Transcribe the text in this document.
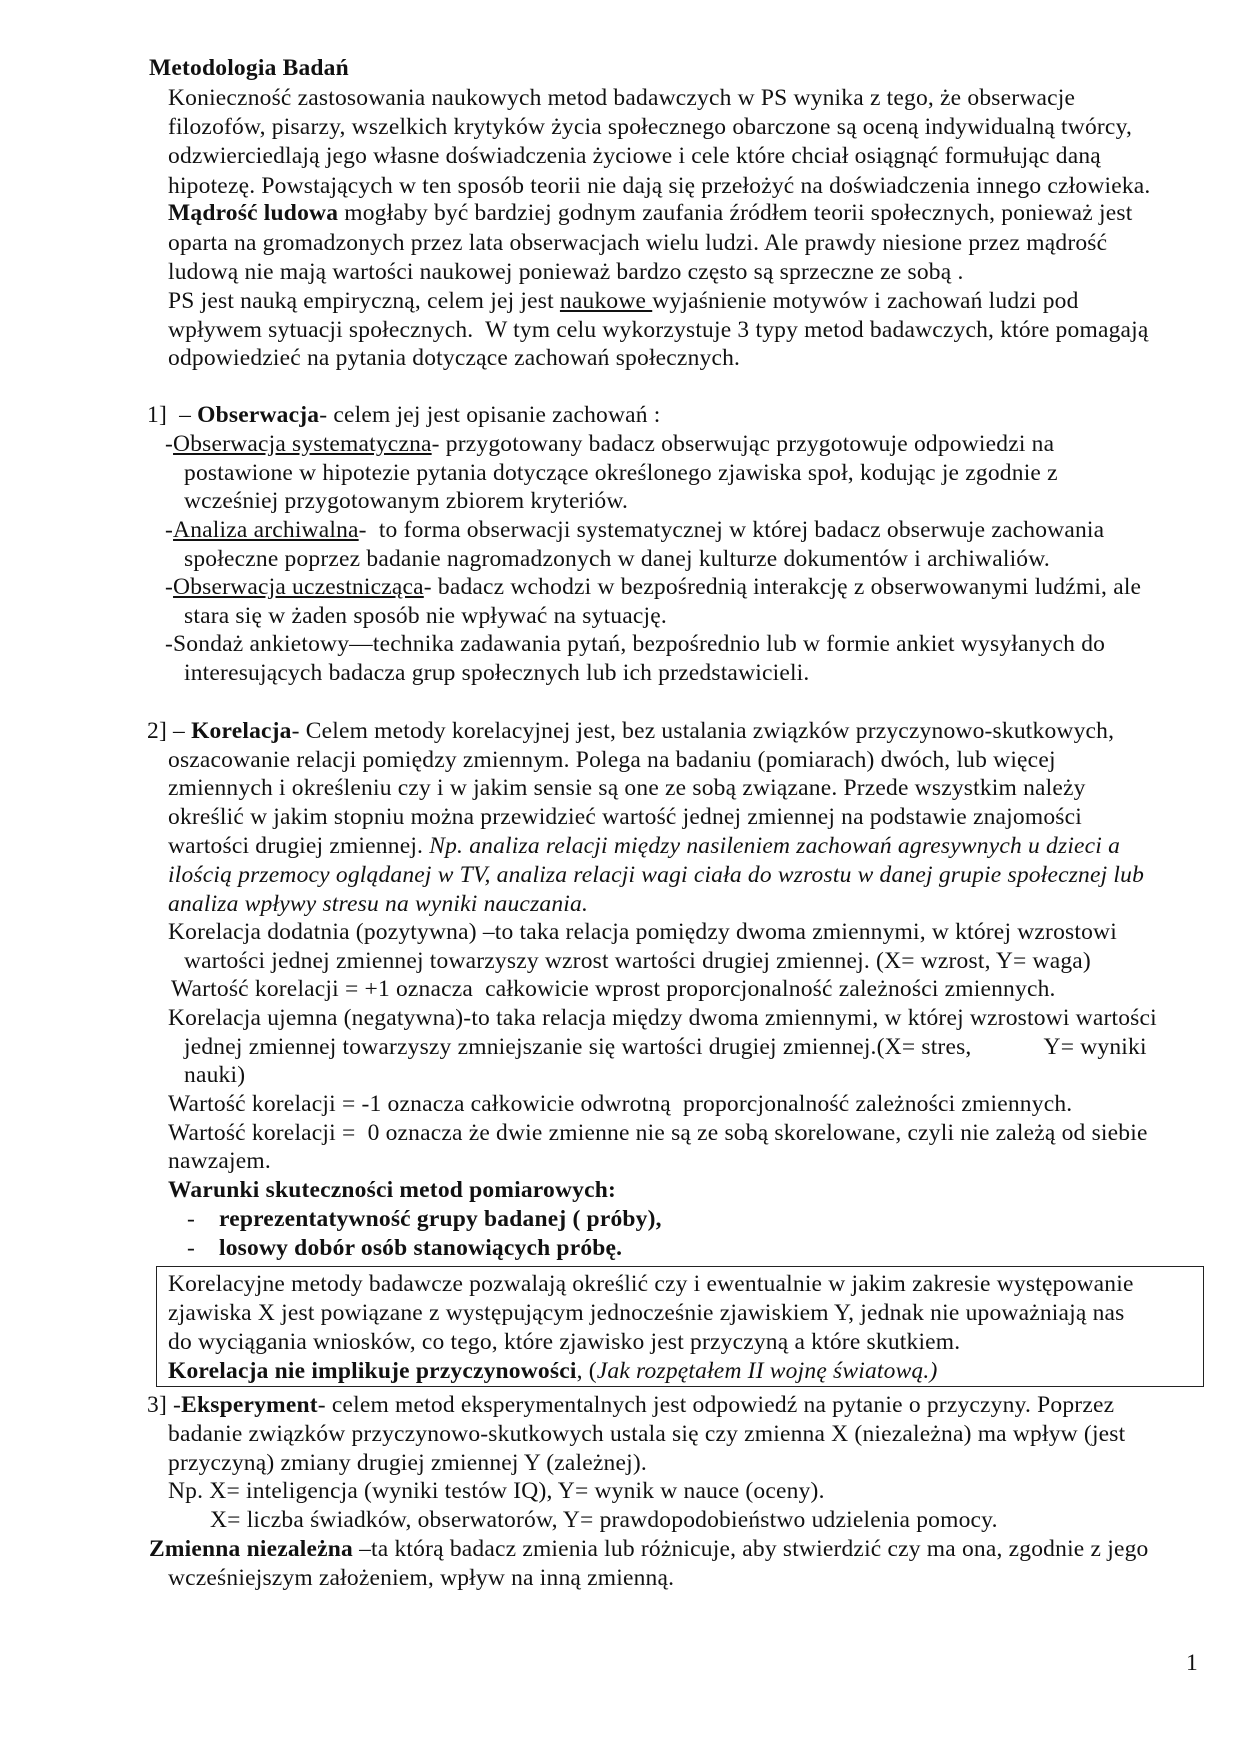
Metodologia Badań
Konieczność zastosowania naukowych metod badawczych w PS wynika z tego, że obserwacje
filozofów, pisarzy, wszelkich krytyków życia społecznego obarczone są oceną indywidualną twórcy,
odzwierciedlają jego własne doświadczenia życiowe i cele które chciał osiągnąć formułując daną
hipotezę. Powstających w ten sposób teorii nie dają się przełożyć na doświadczenia innego człowieka.
Mądrość ludowa mogłaby być bardziej godnym zaufania źródłem teorii społecznych, ponieważ jest
oparta na gromadzonych przez lata obserwacjach wielu ludzi. Ale prawdy niesione przez mądrość
ludową nie mają wartości naukowej ponieważ bardzo często są sprzeczne ze sobą .
PS jest nauką empiryczną, celem jej jest naukowe wyjaśnienie motywów i zachowań ludzi pod
wpływem sytuacji społecznych.  W tym celu wykorzystuje 3 typy metod badawczych, które pomagają
odpowiedzieć na pytania dotyczące zachowań społecznych.
1]  – Obserwacja- celem jej jest opisanie zachowań :
-Obserwacja systematyczna- przygotowany badacz obserwując przygotowuje odpowiedzi na
postawione w hipotezie pytania dotyczące określonego zjawiska społ, kodując je zgodnie z
wcześniej przygotowanym zbiorem kryteriów.
-Analiza archiwalna-  to forma obserwacji systematycznej w której badacz obserwuje zachowania
społeczne poprzez badanie nagromadzonych w danej kulturze dokumentów i archiwaliów.
-Obserwacja uczestnicząca- badacz wchodzi w bezpośrednią interakcję z obserwowanymi ludźmi, ale
stara się w żaden sposób nie wpływać na sytuację.
-Sondaż ankietowy—technika zadawania pytań, bezpośrednio lub w formie ankiet wysyłanych do
interesujących badacza grup społecznych lub ich przedstawicieli.
2] – Korelacja- Celem metody korelacyjnej jest, bez ustalania związków przyczynowo-skutkowych,
oszacowanie relacji pomiędzy zmiennym. Polega na badaniu (pomiarach) dwóch, lub więcej
zmiennych i określeniu czy i w jakim sensie są one ze sobą związane. Przede wszystkim należy
określić w jakim stopniu można przewidzieć wartość jednej zmiennej na podstawie znajomości
wartości drugiej zmiennej. Np. analiza relacji między nasileniem zachowań agresywnych u dzieci a
ilością przemocy oglądanej w TV, analiza relacji wagi ciała do wzrostu w danej grupie społecznej lub
analiza wpływy stresu na wyniki nauczania.
Korelacja dodatnia (pozytywna) –to taka relacja pomiędzy dwoma zmiennymi, w której wzrostowi
wartości jednej zmiennej towarzyszy wzrost wartości drugiej zmiennej. (X= wzrost, Y= waga)
Wartość korelacji = +1 oznacza  całkowicie wprost proporcjonalność zależności zmiennych.
Korelacja ujemna (negatywna)-to taka relacja między dwoma zmiennymi, w której wzrostowi wartości
jednej zmiennej towarzyszy zmniejszanie się wartości drugiej zmiennej.(X= stres,            Y= wyniki
nauki)
Wartość korelacji = -1 oznacza całkowicie odwrotną  proporcjonalność zależności zmiennych.
Wartość korelacji =  0 oznacza że dwie zmienne nie są ze sobą skorelowane, czyli nie zależą od siebie
nawzajem.
Warunki skuteczności metod pomiarowych:
- reprezentatywność grupy badanej ( próby),
- losowy dobór osób stanowiących próbę.
Korelacyjne metody badawcze pozwalają określić czy i ewentualnie w jakim zakresie występowanie
zjawiska X jest powiązane z występującym jednocześnie zjawiskiem Y, jednak nie upoważniają nas
do wyciągania wniosków, co tego, które zjawisko jest przyczyną a które skutkiem.
Korelacja nie implikuje przyczynowości, (Jak rozpętałem II wojnę światową.)
3] -Eksperyment- celem metod eksperymentalnych jest odpowiedź na pytanie o przyczyny. Poprzez
badanie związków przyczynowo-skutkowych ustala się czy zmienna X (niezależna) ma wpływ (jest
przyczyną) zmiany drugiej zmiennej Y (zależnej).
Np. X= inteligencja (wyniki testów IQ), Y= wynik w nauce (oceny).
X= liczba świadków, obserwatorów, Y= prawdopodobieństwo udzielenia pomocy.
Zmienna niezależna –ta którą badacz zmienia lub różnicuje, aby stwierdzić czy ma ona, zgodnie z jego
wcześniejszym założeniem, wpływ na inną zmienną.
1
